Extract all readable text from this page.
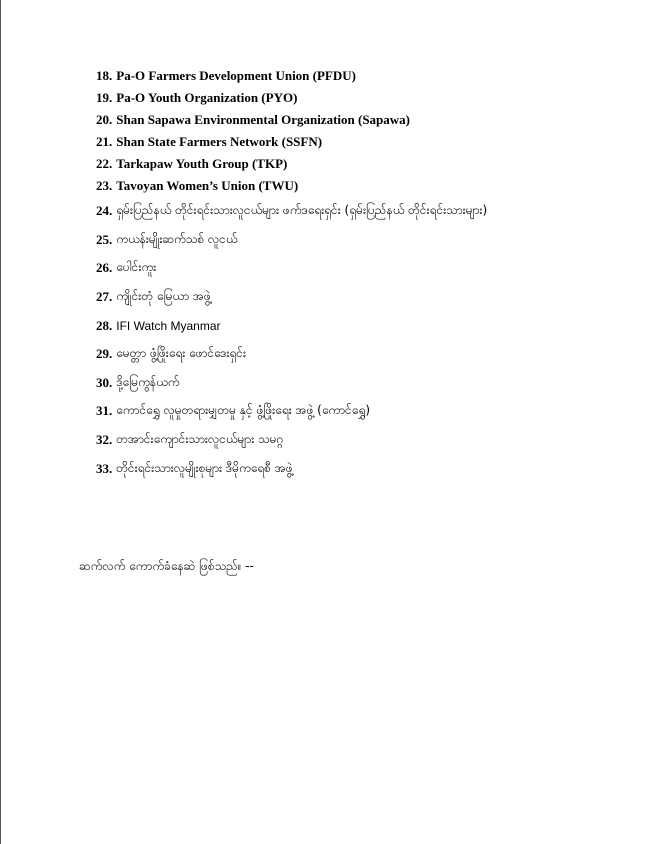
18. Pa-O Farmers Development Union (PFDU)
19. Pa-O Youth Organization (PYO)
20. Shan Sapawa Environmental Organization (Sapawa)
21. Shan State Farmers Network (SSFN)
22. Tarkapaw Youth Group (TKP)
23. Tavoyan Women’s Union (TWU)
24. ရှမ်းပြည်နယ် တိုင်းရင်းသားလူငယ်များ ဖက်ဒရေးရှင်း (ရှမ်းပြည်နယ် တိုင်းရင်းသားများ)
25. ကယန်းမျိုးဆက်သစ် လူငယ်
26. ပေါင်းကူး
27. ကျိုင်းတုံ မြေယာ အဖွဲ့
28. IFI Watch Myanmar
29. မေတ္တာ ဖွံ့ဖြိုးရေး ဖောင်ဒေးရှင်း
30. ဒို့မြေကွန်ယက်
31. ကောင်ရွှေ လူမှုတရားမျှတမှု နှင့် ဖွံ့ဖြိုးရေး အဖွဲ့ (ကောင်ရွှေ)
32. တအာင်းကျောင်းသားလူငယ်များ သမဂ္ဂ
33. တိုင်းရင်းသားလူမျိုးစုများ ဒီမိုကရေစီ အဖွဲ့

ဆက်လက် ကောက်ခံနေဆဲ ဖြစ်သည်။ --
